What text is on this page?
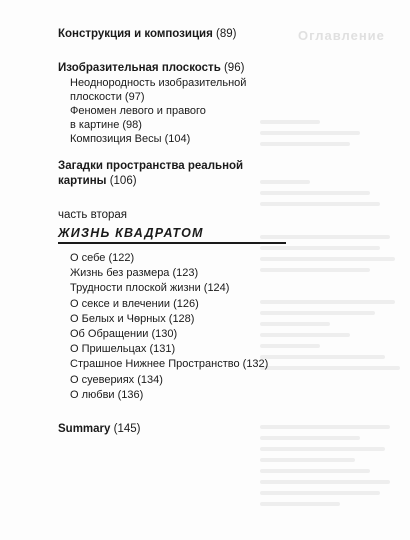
Оглавление
Конструкция и композиция (89)
Изобразительная плоскость (96)
Неоднородность изобразительной
плоскости (97)
Феномен левого и правого
в картине (98)
Композиция Весы (104)
Загадки пространства реальной
картины (106)
часть вторая
ЖИЗНЬ КВАДРАТОМ
О себе (122)
Жизнь без размера (123)
Трудности плоской жизни (124)
О сексе и влечении (126)
О Белых и Чѳрных (128)
Об Обращении (130)
О Пришельцах (131)
Страшное Нижнее Пространство (132)
О суевериях (134)
О любви (136)
Summary (145)
